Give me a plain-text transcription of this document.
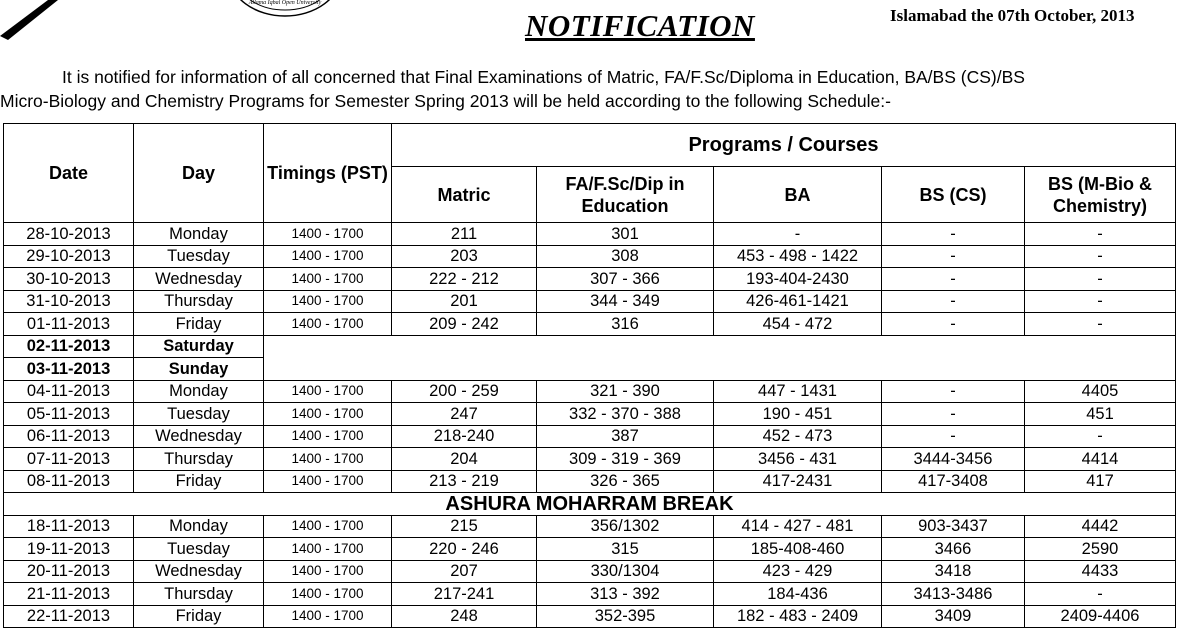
Allama Iqbal Open University
NOTIFICATION	Islamabad the 07th October, 2013
It is notified for information of all concerned that Final Examinations of Matric, FA/F.Sc/Diploma in Education, BA/BS (CS)/BS
Micro-Biology and Chemistry Programs for Semester Spring 2013 will be held according to the following Schedule:-
Date	Day	Timings (PST)	Programs / Courses				
			Matric	FA/F.Sc/Dip in Education	BA	BS (CS)	BS (M-Bio & Chemistry)
28-10-2013	Monday	1400 - 1700	211	301	-	-	-
29-10-2013	Tuesday	1400 - 1700	203	308	453 - 498 - 1422	-	-
30-10-2013	Wednesday	1400 - 1700	222 - 212	307 - 366	193-404-2430	-	-
31-10-2013	Thursday	1400 - 1700	201	344 - 349	426-461-1421	-	-
01-11-2013	Friday	1400 - 1700	209 - 242	316	454 - 472	-	-
02-11-2013	Saturday						
03-11-2013	Sunday						
04-11-2013	Monday	1400 - 1700	200 - 259	321 - 390	447 - 1431	-	4405
05-11-2013	Tuesday	1400 - 1700	247	332 - 370 - 388	190 - 451	-	451
06-11-2013	Wednesday	1400 - 1700	218-240	387	452 - 473	-	-
07-11-2013	Thursday	1400 - 1700	204	309 - 319 - 369	3456 - 431	3444-3456	4414
08-11-2013	Friday	1400 - 1700	213 - 219	326 - 365	417-2431	417-3408	417
ASHURA MOHARRAM BREAK							
18-11-2013	Monday	1400 - 1700	215	356/1302	414 - 427 - 481	903-3437	4442
19-11-2013	Tuesday	1400 - 1700	220 - 246	315	185-408-460	3466	2590
20-11-2013	Wednesday	1400 - 1700	207	330/1304	423 - 429	3418	4433
21-11-2013	Thursday	1400 - 1700	217-241	313 - 392	184-436	3413-3486	-
22-11-2013	Friday	1400 - 1700	248	352-395	182 - 483 - 2409	3409	2409-4406
